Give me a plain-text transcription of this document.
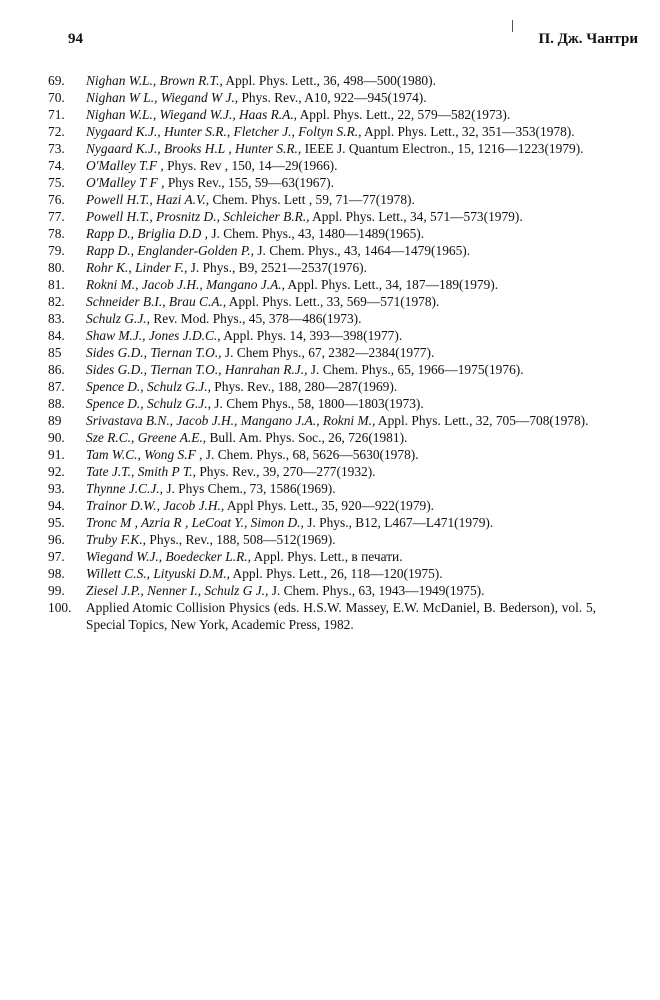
94	П. Дж. Чантри
69.	Nighan W.L., Brown R.T., Appl. Phys. Lett., 36, 498—500(1980).
70.	Nighan W L., Wiegand W J., Phys. Rev., A10, 922—945(1974).
71.	Nighan W.L., Wiegand W.J., Haas R.A., Appl. Phys. Lett., 22, 579—582(1973).
72.	Nygaard K.J., Hunter S.R., Fletcher J., Foltyn S.R., Appl. Phys. Lett., 32, 351—353(1978).
73.	Nygaard K.J., Brooks H.L , Hunter S.R., IEEE J. Quantum Electron., 15, 1216—1223(1979).
74.	O'Malley T.F , Phys. Rev , 150, 14—29(1966).
75.	O'Malley T F , Phys Rev., 155, 59—63(1967).
76.	Powell H.T., Hazi A.V., Chem. Phys. Lett , 59, 71—77(1978).
77.	Powell H.T., Prosnitz D., Schleicher B.R., Appl. Phys. Lett., 34, 571—573(1979).
78.	Rapp D., Briglia D.D , J. Chem. Phys., 43, 1480—1489(1965).
79.	Rapp D., Englander-Golden P., J. Chem. Phys., 43, 1464—1479(1965).
80.	Rohr K., Linder F., J. Phys., B9, 2521—2537(1976).
81.	Rokni M., Jacob J.H., Mangano J.A., Appl. Phys. Lett., 34, 187—189(1979).
82.	Schneider B.I., Brau C.A., Appl. Phys. Lett., 33, 569—571(1978).
83.	Schulz G.J., Rev. Mod. Phys., 45, 378—486(1973).
84.	Shaw M.J., Jones J.D.C., Appl. Phys. 14, 393—398(1977).
85	Sides G.D., Tiernan T.O., J. Chem Phys., 67, 2382—2384(1977).
86.	Sides G.D., Tiernan T.O., Hanrahan R.J., J. Chem. Phys., 65, 1966—1975(1976).
87.	Spence D., Schulz G.J., Phys. Rev., 188, 280—287(1969).
88.	Spence D., Schulz G.J., J. Chem Phys., 58, 1800—1803(1973).
89	Srivastava B.N., Jacob J.H., Mangano J.A., Rokni M., Appl. Phys. Lett., 32, 705—708(1978).
90.	Sze R.C., Greene A.E., Bull. Am. Phys. Soc., 26, 726(1981).
91.	Tam W.C., Wong S.F , J. Chem. Phys., 68, 5626—5630(1978).
92.	Tate J.T., Smith P T., Phys. Rev., 39, 270—277(1932).
93.	Thynne J.C.J., J. Phys Chem., 73, 1586(1969).
94.	Trainor D.W., Jacob J.H., Appl Phys. Lett., 35, 920—922(1979).
95.	Tronc M , Azria R , LeCoat Y., Simon D., J. Phys., B12, L467—L471(1979).
96.	Truby F.K., Phys., Rev., 188, 508—512(1969).
97.	Wiegand W.J., Boedecker L.R., Appl. Phys. Lett., в печати.
98.	Willett C.S., Lityuski D.M., Appl. Phys. Lett., 26, 118—120(1975).
99.	Ziesel J.P., Nenner I., Schulz G J., J. Chem. Phys., 63, 1943—1949(1975).
100.	Applied Atomic Collision Physics (eds. H.S.W. Massey, E.W. McDaniel, B. Bederson), vol. 5, Special Topics, New York, Academic Press, 1982.
